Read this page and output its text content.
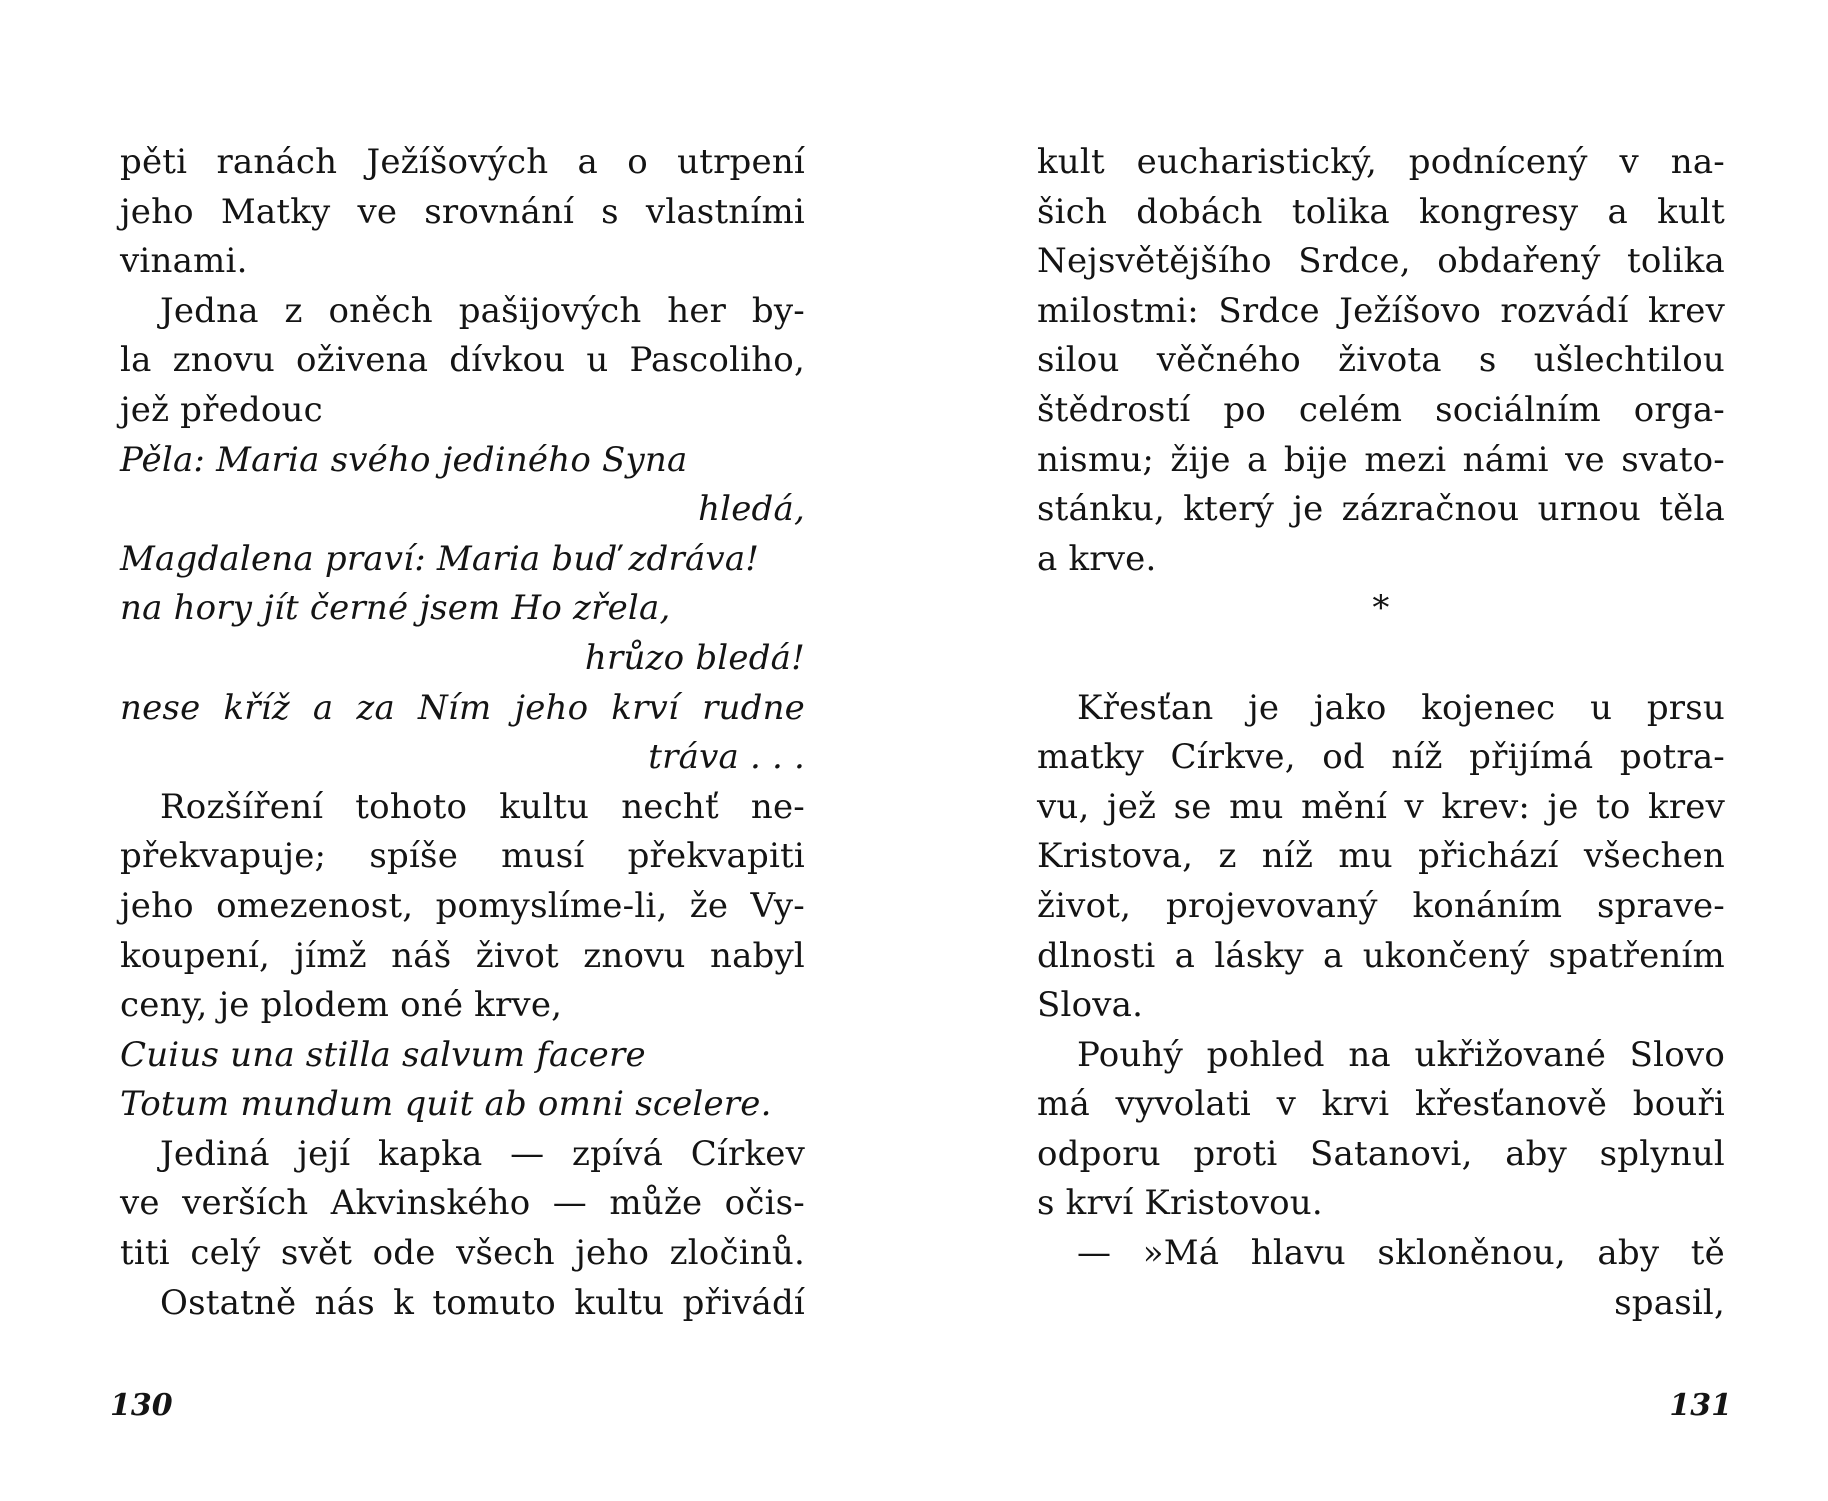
pěti ranách Ježíšových a o utrpení
jeho Matky ve srovnání s vlastními
vinami.
Jedna z oněch pašijových her by-
la znovu oživena dívkou u Pascoliho,
jež předouc
Pěla: Maria svého jediného Syna
hledá,
Magdalena praví: Maria buď zdráva!
na hory jít černé jsem Ho zřela,
hrůzo bledá!
nese kříž a za Ním jeho krví rudne
tráva . . .
Rozšíření tohoto kultu nechť ne-
překvapuje; spíše musí překvapiti
jeho omezenost, pomyslíme-li, že Vy-
koupení, jímž náš život znovu nabyl
ceny, je plodem oné krve,
Cuius una stilla salvum facere
Totum mundum quit ab omni scelere.
Jediná její kapka — zpívá Církev
ve verších Akvinského — může očis-
titi celý svět ode všech jeho zločinů.
Ostatně nás k tomuto kultu přivádí
130
kult eucharistický, podnícený v na-
šich dobách tolika kongresy a kult
Nejsvětějšího Srdce, obdařený tolika
milostmi: Srdce Ježíšovo rozvádí krev
silou věčného života s ušlechtilou
štědrostí po celém sociálním orga-
nismu; žije a bije mezi námi ve svato-
stánku, který je zázračnou urnou těla
a krve.
*
Křesťan je jako kojenec u prsu
matky Církve, od níž přijímá potra-
vu, jež se mu mění v krev: je to krev
Kristova, z níž mu přichází všechen
život, projevovaný konáním sprave-
dlnosti a lásky a ukončený spatřením
Slova.
Pouhý pohled na ukřižované Slovo
má vyvolati v krvi křesťanově bouři
odporu proti Satanovi, aby splynul
s krví Kristovou.
— »Má hlavu skloněnou, aby tě
spasil,
131
